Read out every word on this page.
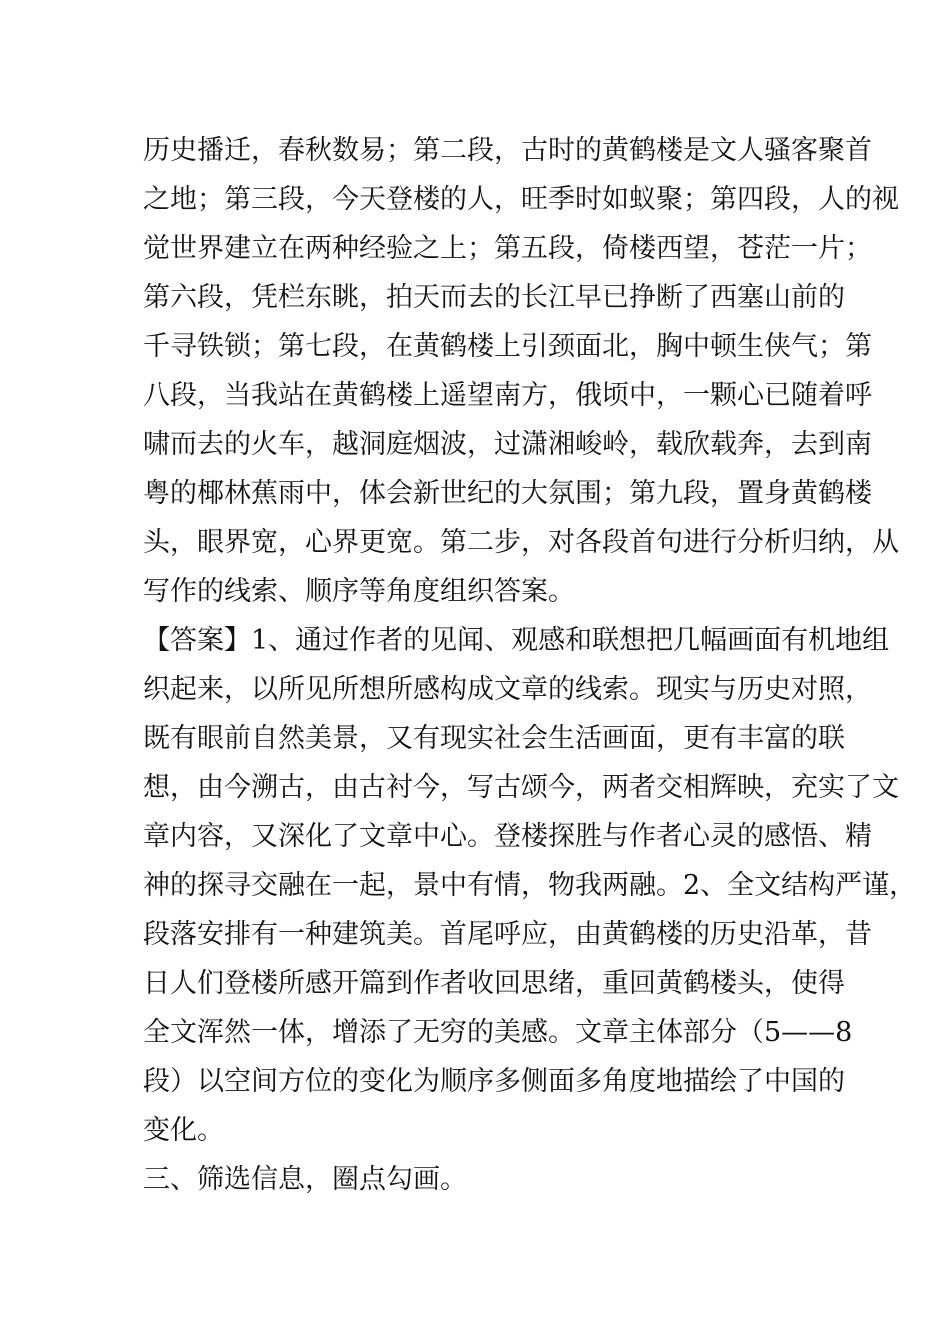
历史播迁，春秋数易；第二段，古时的黄鹤楼是文人骚客聚首

之地；第三段，今天登楼的人，旺季时如蚁聚；第四段，人的视

觉世界建立在两种经验之上；第五段，倚楼西望，苍茫一片；

第六段，凭栏东眺，拍天而去的长江早已挣断了西塞山前的

千寻铁锁；第七段，在黄鹤楼上引颈面北，胸中顿生侠气；第

八段，当我站在黄鹤楼上遥望南方，俄顷中，一颗心已随着呼

啸而去的火车，越洞庭烟波，过潇湘峻岭，载欣载奔，去到南

粤的椰林蕉雨中，体会新世纪的大氛围；第九段，置身黄鹤楼

头，眼界宽，心界更宽。第二步，对各段首句进行分析归纳，从

写作的线索、顺序等角度组织答案。

【答案】1、通过作者的见闻、观感和联想把几幅画面有机地组

织起来，以所见所想所感构成文章的线索。现实与历史对照，

既有眼前自然美景，又有现实社会生活画面，更有丰富的联

想，由今溯古，由古衬今，写古颂今，两者交相辉映，充实了文

章内容，又深化了文章中心。登楼探胜与作者心灵的感悟、精

神的探寻交融在一起，景中有情，物我两融。2、全文结构严谨，

段落安排有一种建筑美。首尾呼应，由黄鹤楼的历史沿革，昔

日人们登楼所感开篇到作者收回思绪，重回黄鹤楼头，使得

全文浑然一体，增添了无穷的美感。文章主体部分（5——8

段）以空间方位的变化为顺序多侧面多角度地描绘了中国的

变化。

三、筛选信息，圈点勾画。
